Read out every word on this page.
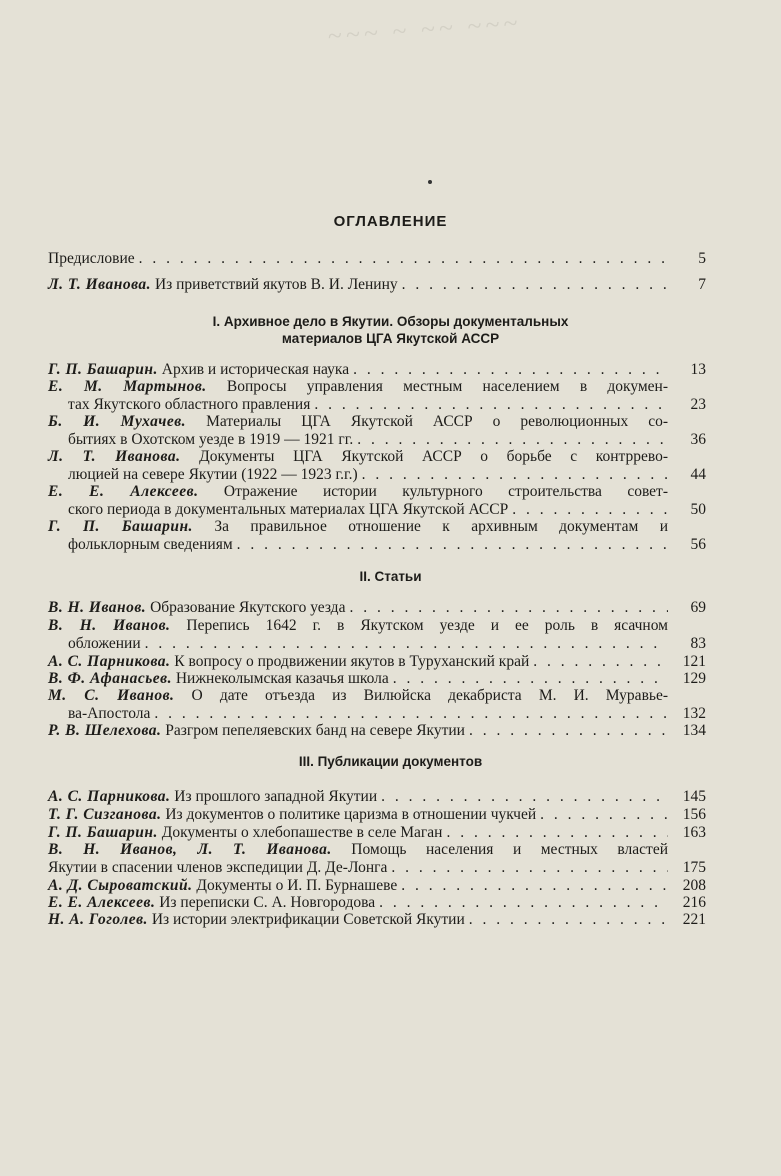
~~~ ~ ~~ ~~~
ОГЛАВЛЕНИЕ
Предисловие . . .	5
Л. Т. Иванова. Из приветствий якутов В. И. Ленину . . .	7
I. Архивное дело в Якутии. Обзоры документальных
материалов ЦГА Якутской АССР
Г. П. Башарин. Архив и историческая наука . . .	13
Е. М. Мартынов. Вопросы управления местным населением в докумен-
тах Якутского областного правления . . .	23
Б. И. Мухачев. Материалы ЦГА Якутской АССР о революционных со-
бытиях в Охотском уезде в 1919 — 1921 гг. . . .	36
Л. Т. Иванова. Документы ЦГА Якутской АССР о борьбе с контррево-
люцией на севере Якутии (1922 — 1923 г.г.) . . .	44
Е. Е. Алексеев. Отражение истории культурного строительства совет-
ского периода в документальных материалах ЦГА Якутской АССР . . .	50
Г. П. Башарин. За правильное отношение к архивным документам и
фольклорным сведениям . . .	56
II. Статьи
В. Н. Иванов. Образование Якутского уезда . . .	69
В. Н. Иванов. Перепись 1642 г. в Якутском уезде и ее роль в ясачном
обложении . . .	83
А. С. Парникова. К вопросу о продвижении якутов в Туруханский край . . .	121
В. Ф. Афанасьев. Нижнеколымская казачья школа . . .	129
М. С. Иванов. О дате отъезда из Вилюйска декабриста М. И. Муравье-
ва-Апостола . . .	132
Р. В. Шелехова. Разгром пепеляевских банд на севере Якутии . . .	134
III. Публикации документов
А. С. Парникова. Из прошлого западной Якутии . . .	145
Т. Г. Сизганова. Из документов о политике царизма в отношении чукчей . . .	156
Г. П. Башарин. Документы о хлебопашестве в селе Маган . . .	163
В. Н. Иванов, Л. Т. Иванова. Помощь населения и местных властей
Якутии в спасении членов экспедиции Д. Де-Лонга . . .	175
А. Д. Сыроватский. Документы о И. П. Бурнашеве . . .	208
Е. Е. Алексеев. Из переписки С. А. Новгородова . . .	216
Н. А. Гоголев. Из истории электрификации Советской Якутии . . .	221
